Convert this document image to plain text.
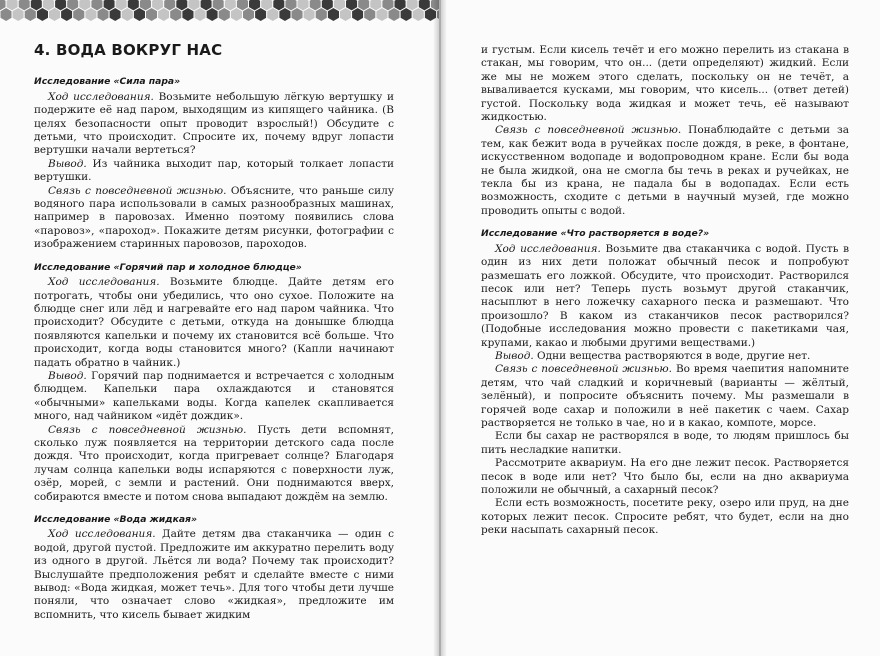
4. ВОДА ВОКРУГ НАС
Исследование «Сила пара»

Ход исследования. Возьмите небольшую лёгкую вертушку и подержите её над паром, выходящим из кипящего чайника. (В целях безопасности опыт проводит взрослый!) Обсудите с детьми, что происходит. Спросите их, почему вдруг лопасти вертушки начали вертеться?

Вывод. Из чайника выходит пар, который толкает лопасти вертушки.

Связь с повседневной жизнью. Объясните, что раньше силу водяного пара использовали в самых разнообразных машинах, например в паровозах. Именно поэтому появились слова «паровоз», «пароход». Покажите детям рисунки, фотографии с изображением старинных паровозов, пароходов.

Исследование «Горячий пар и холодное блюдце»

Ход исследования. Возьмите блюдце. Дайте детям его потрогать, чтобы они убедились, что оно сухое. Положите на блюдце снег или лёд и нагревайте его над паром чайника. Что происходит? Обсудите с детьми, откуда на донышке блюдца появляются капельки и почему их становится всё больше. Что происходит, когда воды становится много? (Капли начинают падать обратно в чайник.)

Вывод. Горячий пар поднимается и встречается с холодным блюдцем. Капельки пара охлаждаются и становятся «обычными» капельками воды. Когда капелек скапливается много, над чайником «идёт дождик».

Связь с повседневной жизнью. Пусть дети вспомнят, сколько луж появляется на территории детского сада после дождя. Что происходит, когда пригревает солнце? Благодаря лучам солнца капельки воды испаряются с поверхности луж, озёр, морей, с земли и растений. Они поднимаются вверх, собираются вместе и потом снова выпадают дождём на землю.

Исследование «Вода жидкая»

Ход исследования. Дайте детям два стаканчика — один с водой, другой пустой. Предложите им аккуратно перелить воду из одного в другой. Льётся ли вода? Почему так происходит? Выслушайте предположения ребят и сделайте вместе с ними вывод: «Вода жидкая, может течь». Для того чтобы дети лучше поняли, что означает слово «жидкая», предложите им вспомнить, что кисель бывает жидким

и густым. Если кисель течёт и его можно перелить из стакана в стакан, мы говорим, что он... (дети определяют) жидкий. Если же мы не можем этого сделать, поскольку он не течёт, а вываливается кусками, мы говорим, что кисель... (ответ детей) густой. Поскольку вода жидкая и может течь, её называют жидкостью.

Связь с повседневной жизнью. Понаблюдайте с детьми за тем, как бежит вода в ручейках после дождя, в реке, в фонтане, искусственном водопаде и водопроводном кране. Если бы вода не была жидкой, она не смогла бы течь в реках и ручейках, не текла бы из крана, не падала бы в водопадах. Если есть возможность, сходите с детьми в научный музей, где можно проводить опыты с водой.

Исследование «Что растворяется в воде?»

Ход исследования. Возьмите два стаканчика с водой. Пусть в один из них дети положат обычный песок и попробуют размешать его ложкой. Обсудите, что происходит. Растворился песок или нет? Теперь пусть возьмут другой стаканчик, насыплют в него ложечку сахарного песка и размешают. Что произошло? В каком из стаканчиков песок растворился? (Подобные исследования можно провести с пакетиками чая, крупами, какао и любыми другими веществами.)

Вывод. Одни вещества растворяются в воде, другие нет.

Связь с повседневной жизнью. Во время чаепития напомните детям, что чай сладкий и коричневый (варианты — жёлтый, зелёный), и попросите объяснить почему. Мы размешали в горячей воде сахар и положили в неё пакетик с чаем. Сахар растворяется не только в чае, но и в какао, компоте, морсе.

Если бы сахар не растворялся в воде, то людям пришлось бы пить несладкие напитки.

Рассмотрите аквариум. На его дне лежит песок. Растворяется песок в воде или нет? Что было бы, если на дно аквариума положили не обычный, а сахарный песок?

Если есть возможность, посетите реку, озеро или пруд, на дне которых лежит песок. Спросите ребят, что будет, если на дно реки насыпать сахарный песок.
